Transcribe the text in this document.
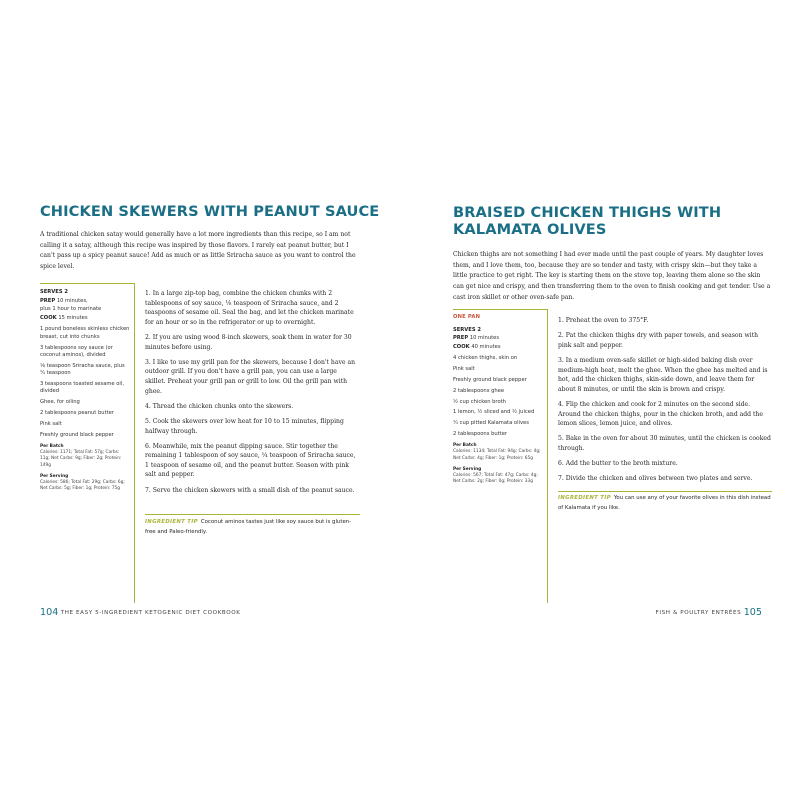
CHICKEN SKEWERS WITH PEANUT SAUCE

A traditional chicken satay would generally have a lot more ingredients than this recipe, so I am not calling it a satay, although this recipe was inspired by those flavors. I rarely eat peanut butter, but I can't pass up a spicy peanut sauce! Add as much or as little Sriracha sauce as you want to control the spice level.

SERVES 2
PREP 10 minutes,
plus 1 hour to marinate
COOK 15 minutes
1 pound boneless skinless chicken breast, cut into chunks
3 tablespoons soy sauce (or coconut aminos), divided
⅛ teaspoon Sriracha sauce, plus ¼ teaspoon
3 teaspoons toasted sesame oil, divided
Ghee, for oiling
2 tablespoons peanut butter
Pink salt
Freshly ground black pepper
Per Batch
Calories: 1171; Total Fat: 57g; Carbs: 11g; Net Carbs: 9g; Fiber: 2g; Protein: 149g
Per Serving
Calories: 586; Total Fat: 29g; Carbs: 6g; Net Carbs: 5g; Fiber: 1g; Protein: 75g

1. In a large zip-top bag, combine the chicken chunks with 2 tablespoons of soy sauce, ⅛ teaspoon of Sriracha sauce, and 2 teaspoons of sesame oil. Seal the bag, and let the chicken marinate for an hour or so in the refrigerator or up to overnight.

2. If you are using wood 8-inch skewers, soak them in water for 30 minutes before using.

3. I like to use my grill pan for the skewers, because I don't have an outdoor grill. If you don't have a grill pan, you can use a large skillet. Preheat your grill pan or grill to low. Oil the grill pan with ghee.

4. Thread the chicken chunks onto the skewers.

5. Cook the skewers over low heat for 10 to 15 minutes, flipping halfway through.

6. Meanwhile, mix the peanut dipping sauce. Stir together the remaining 1 tablespoon of soy sauce, ¼ teaspoon of Sriracha sauce, 1 teaspoon of sesame oil, and the peanut butter. Season with pink salt and pepper.

7. Serve the chicken skewers with a small dish of the peanut sauce.

INGREDIENT TIP Coconut aminos tastes just like soy sauce but is gluten-free and Paleo-friendly.
104 THE EASY 5-INGREDIENT KETOGENIC DIET COOKBOOK
BRAISED CHICKEN THIGHS WITH
KALAMATA OLIVES

Chicken thighs are not something I had ever made until the past couple of years. My daughter loves them, and I love them, too, because they are so tender and tasty, with crispy skin—but they take a little practice to get right. The key is starting them on the stove top, leaving them alone so the skin can get nice and crispy, and then transferring them to the oven to finish cooking and get tender. Use a cast iron skillet or other oven-safe pan.

ONE PAN
SERVES 2
PREP 10 minutes
COOK 40 minutes
4 chicken thighs, skin on
Pink salt
Freshly ground black pepper
2 tablespoons ghee
½ cup chicken broth
1 lemon, ½ sliced and ½ juiced
¼ cup pitted Kalamata olives
2 tablespoons butter
Per Batch
Calories: 1134; Total Fat: 94g; Carbs: 4g; Net Carbs: 4g; Fiber: 1g; Protein: 65g
Per Serving
Calories: 567; Total Fat: 47g; Carbs: 4g; Net Carbs: 2g; Fiber: 0g; Protein: 33g

1. Preheat the oven to 375°F.

2. Pat the chicken thighs dry with paper towels, and season with pink salt and pepper.

3. In a medium oven-safe skillet or high-sided baking dish over medium-high heat, melt the ghee. When the ghee has melted and is hot, add the chicken thighs, skin-side down, and leave them for about 8 minutes, or until the skin is brown and crispy.

4. Flip the chicken and cook for 2 minutes on the second side. Around the chicken thighs, pour in the chicken broth, and add the lemon slices, lemon juice, and olives.

5. Bake in the oven for about 30 minutes, until the chicken is cooked through.

6. Add the butter to the broth mixture.

7. Divide the chicken and olives between two plates and serve.

INGREDIENT TIP You can use any of your favorite olives in this dish instead of Kalamata if you like.
FISH & POULTRY ENTRÉES 105
